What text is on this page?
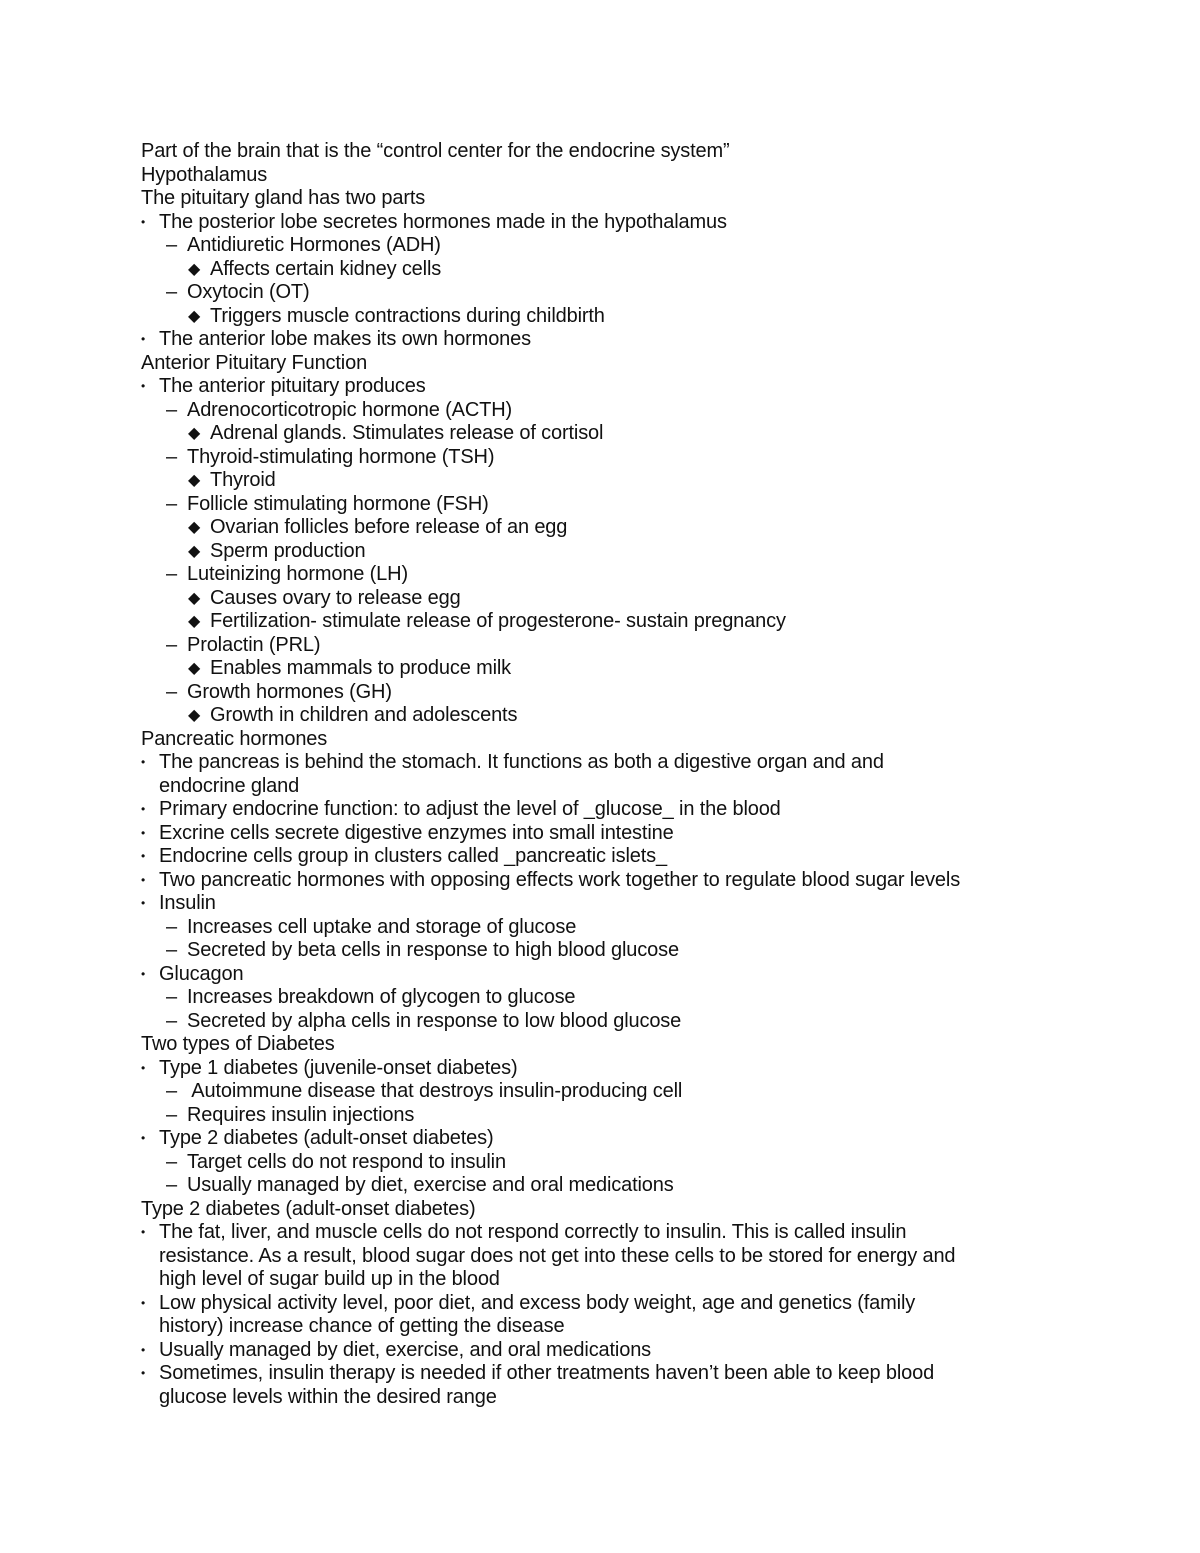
Part of the brain that is the “control center for the endocrine system”
Hypothalamus
The pituitary gland has two parts
• The posterior lobe secretes hormones made in the hypothalamus
– Antidiuretic Hormones (ADH)
◆ Affects certain kidney cells
– Oxytocin (OT)
◆ Triggers muscle contractions during childbirth
• The anterior lobe makes its own hormones
Anterior Pituitary Function
• The anterior pituitary produces
– Adrenocorticotropic hormone (ACTH)
◆ Adrenal glands. Stimulates release of cortisol
– Thyroid-stimulating hormone (TSH)
◆ Thyroid
– Follicle stimulating hormone (FSH)
◆ Ovarian follicles before release of an egg
◆ Sperm production
– Luteinizing hormone (LH)
◆ Causes ovary to release egg
◆ Fertilization- stimulate release of progesterone- sustain pregnancy
– Prolactin (PRL)
◆ Enables mammals to produce milk
– Growth hormones (GH)
◆ Growth in children and adolescents
Pancreatic hormones
• The pancreas is behind the stomach. It functions as both a digestive organ and and
endocrine gland
• Primary endocrine function: to adjust the level of _glucose_ in the blood
• Excrine cells secrete digestive enzymes into small intestine
• Endocrine cells group in clusters called _pancreatic islets_
• Two pancreatic hormones with opposing effects work together to regulate blood sugar levels
• Insulin
– Increases cell uptake and storage of glucose
– Secreted by beta cells in response to high blood glucose
• Glucagon
– Increases breakdown of glycogen to glucose
– Secreted by alpha cells in response to low blood glucose
Two types of Diabetes
• Type 1 diabetes (juvenile-onset diabetes)
– Autoimmune disease that destroys insulin-producing cell
– Requires insulin injections
• Type 2 diabetes (adult-onset diabetes)
– Target cells do not respond to insulin
– Usually managed by diet, exercise and oral medications
Type 2 diabetes (adult-onset diabetes)
• The fat, liver, and muscle cells do not respond correctly to insulin. This is called insulin
resistance. As a result, blood sugar does not get into these cells to be stored for energy and
high level of sugar build up in the blood
• Low physical activity level, poor diet, and excess body weight, age and genetics (family
history) increase chance of getting the disease
• Usually managed by diet, exercise, and oral medications
• Sometimes, insulin therapy is needed if other treatments haven’t been able to keep blood
glucose levels within the desired range
